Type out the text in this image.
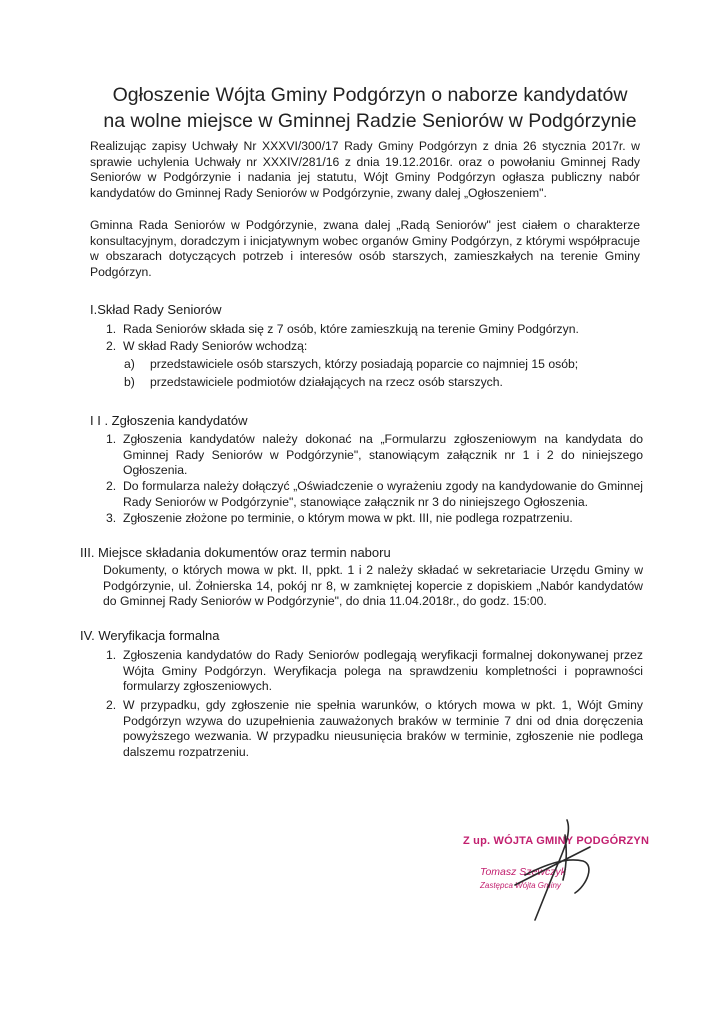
Ogłoszenie Wójta Gminy Podgórzyn o naborze kandydatów
na wolne miejsce w Gminnej Radzie Seniorów w Podgórzynie
Realizując zapisy Uchwały Nr XXXVI/300/17 Rady Gminy Podgórzyn z dnia 26 stycznia 2017r. w sprawie uchylenia Uchwały nr XXXIV/281/16 z dnia 19.12.2016r. oraz o powołaniu Gminnej Rady Seniorów w Podgórzynie i nadania jej statutu, Wójt Gminy Podgórzyn ogłasza publiczny nabór kandydatów do Gminnej Rady Seniorów w Podgórzynie, zwany dalej „Ogłoszeniem".
Gminna Rada Seniorów w Podgórzynie, zwana dalej „Radą Seniorów" jest ciałem o charakterze konsultacyjnym, doradczym i inicjatywnym wobec organów Gminy Podgórzyn, z którymi współpracuje w obszarach dotyczących potrzeb i interesów osób starszych, zamieszkałych na terenie Gminy Podgórzyn.
I.Skład Rady Seniorów
1. Rada Seniorów składa się z 7 osób, które zamieszkują na terenie Gminy Podgórzyn.
2. W skład Rady Seniorów wchodzą:
a) przedstawiciele osób starszych, którzy posiadają poparcie co najmniej 15 osób;
b) przedstawiciele podmiotów działających na rzecz osób starszych.
I I . Zgłoszenia kandydatów
1. Zgłoszenia kandydatów należy dokonać na „Formularzu zgłoszeniowym na kandydata do Gminnej Rady Seniorów w Podgórzynie", stanowiącym załącznik nr 1 i 2 do niniejszego Ogłoszenia.
2. Do formularza należy dołączyć „Oświadczenie o wyrażeniu zgody na kandydowanie do Gminnej Rady Seniorów w Podgórzynie", stanowiące załącznik nr 3 do niniejszego Ogłoszenia.
3. Zgłoszenie złożone po terminie, o którym mowa w pkt. III, nie podlega rozpatrzeniu.
III. Miejsce składania dokumentów oraz termin naboru
Dokumenty, o których mowa w pkt. II, ppkt. 1 i 2 należy składać w sekretariacie Urzędu Gminy w Podgórzynie, ul. Żołnierska 14, pokój nr 8, w zamkniętej kopercie z dopiskiem „Nabór kandydatów do Gminnej Rady Seniorów w Podgórzynie", do dnia 11.04.2018r., do godz. 15:00.
IV. Weryfikacja formalna
1. Zgłoszenia kandydatów do Rady Seniorów podlegają weryfikacji formalnej dokonywanej przez Wójta Gminy Podgórzyn. Weryfikacja polega na sprawdzeniu kompletności i poprawności formularzy zgłoszeniowych.
2. W przypadku, gdy zgłoszenie nie spełnia warunków, o których mowa w pkt. 1, Wójt Gminy Podgórzyn wzywa do uzupełnienia zauważonych braków w terminie 7 dni od dnia doręczenia powyższego wezwania. W przypadku nieusunięcia braków w terminie, zgłoszenie nie podlega dalszemu rozpatrzeniu.
Z up. WÓJTA GMINY PODGÓRZYN
Tomasz Szewczyk
Zastępca Wójta Gminy
